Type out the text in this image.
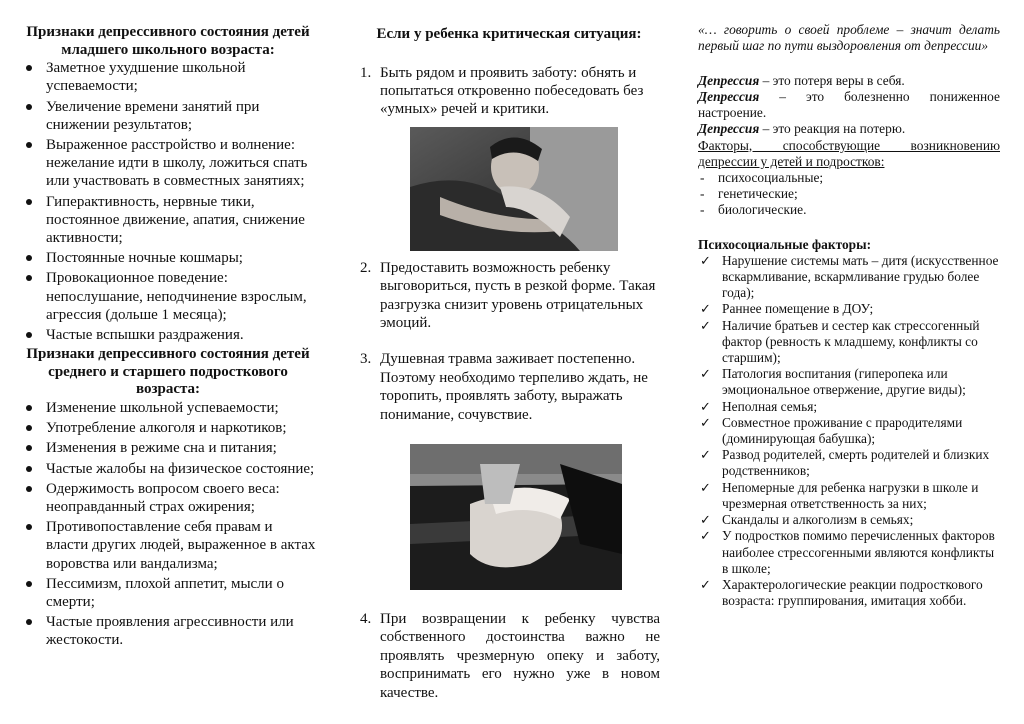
Признаки депрессивного состояния детей младшего школьного возраста:
Заметное ухудшение школьной успеваемости;
Увеличение времени занятий при снижении результатов;
Выраженное расстройство и волнение: нежелание идти в школу, ложиться спать или участвовать в совместных занятиях;
Гиперактивность, нервные тики, постоянное движение, апатия, снижение активности;
Постоянные ночные кошмары;
Провокационное поведение: непослушание, неподчинение взрослым, агрессия (дольше 1 месяца);
Частые вспышки раздражения.
Признаки депрессивного состояния детей среднего и старшего подросткового возраста:
Изменение школьной успеваемости;
Употребление алкоголя и наркотиков;
Изменения в режиме сна и питания;
Частые жалобы на физическое состояние;
Одержимость вопросом своего веса: неоправданный страх ожирения;
Противопоставление себя правам и власти других людей, выраженное в актах воровства или вандализма;
Пессимизм, плохой аппетит, мысли о смерти;
Частые проявления агрессивности или жестокости.
Если у ребенка критическая ситуация:
1. Быть рядом и проявить заботу: обнять и попытаться откровенно побеседовать без «умных» речей и критики.
2. Предоставить возможность ребенку выговориться, пусть в резкой форме. Такая разгрузка снизит уровень отрицательных эмоций.
3. Душевная травма заживает постепенно. Поэтому необходимо терпеливо ждать, не торопить, проявлять заботу, выражать понимание, сочувствие.
4. При возвращении к ребенку чувства собственного достоинства важно не проявлять чрезмерную опеку и заботу, воспринимать его нужно уже в новом качестве.

«… говорить о своей проблеме – значит делать первый шаг по пути выздоровления от депрессии»

Депрессия – это потеря веры в себя.

Депрессия – это болезненно пониженное настроение.

Депрессия – это реакция на потерю.

Факторы, способствующие возникновению депрессии у детей и подростков:

- психосоциальные;
- генетические;
- биологические.

Психосоциальные факторы:

✓ Нарушение системы мать – дитя (искусственное вскармливание, вскармливание грудью более года);
✓ Раннее помещение в ДОУ;
✓ Наличие братьев и сестер как стрессогенный фактор (ревность к младшему, конфликты со старшим);
✓ Патология воспитания (гиперопека или эмоциональное отвержение, другие виды);
✓ Неполная семья;
✓ Совместное проживание с прародителями (доминирующая бабушка);
✓ Развод родителей, смерть родителей и близких родственников;
✓ Непомерные для ребенка нагрузки в школе и чрезмерная ответственность за них;
✓ Скандалы и алкоголизм в семьях;
✓ У подростков помимо перечисленных факторов наиболее стрессогенными являются конфликты в школе;
✓ Характерологические реакции подросткового возраста: группирования, имитация хобби.
